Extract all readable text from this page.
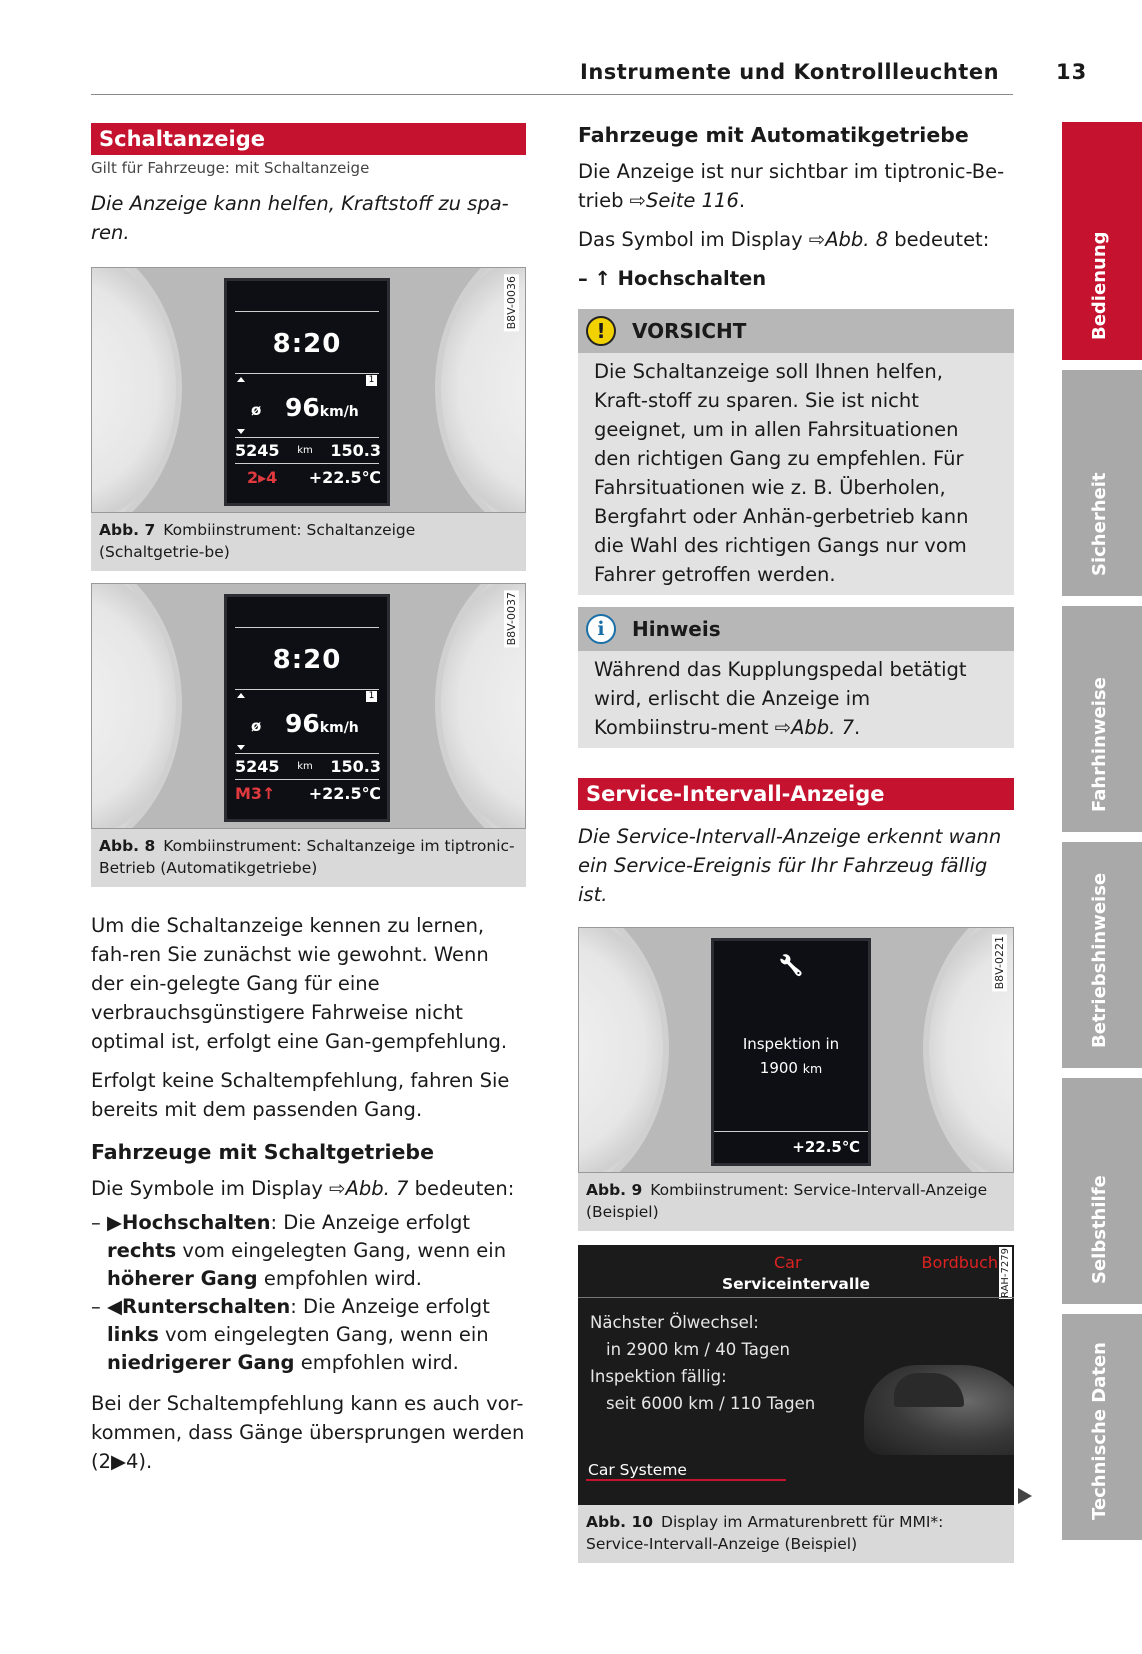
Instrumente und Kontrollleuchten	13
Schaltanzeige
Gilt für Fahrzeuge: mit Schaltanzeige
Die Anzeige kann helfen, Kraftstoff zu spa-ren.
B8V-0036
8:20
1
ø 96km/h
5245 km 150.3
2▸4 +22.5℃
Abb. 7 Kombiinstrument: Schaltanzeige (Schaltgetrie-be)
B8V-0037
8:20
1
ø 96km/h
5245 km 150.3
M3↑ +22.5℃
Abb. 8 Kombiinstrument: Schaltanzeige im tiptronic-Betrieb (Automatikgetriebe)
Um die Schaltanzeige kennen zu lernen, fah-ren Sie zunächst wie gewohnt. Wenn der ein-gelegte Gang für eine verbrauchsgünstigere Fahrweise nicht optimal ist, erfolgt eine Gan-gempfehlung.
Erfolgt keine Schaltempfehlung, fahren Sie bereits mit dem passenden Gang.
Fahrzeuge mit Schaltgetriebe
Die Symbole im Display ⇨Abb. 7 bedeuten:
– ▶Hochschalten: Die Anzeige erfolgt rechts vom eingelegten Gang, wenn ein höherer Gang empfohlen wird.
– ◀Runterschalten: Die Anzeige erfolgt links vom eingelegten Gang, wenn ein niedrigerer Gang empfohlen wird.
Bei der Schaltempfehlung kann es auch vor-kommen, dass Gänge übersprungen werden (2▶4).
Fahrzeuge mit Automatikgetriebe
Die Anzeige ist nur sichtbar im tiptronic-Be-trieb ⇨Seite 116.
Das Symbol im Display ⇨Abb. 8 bedeutet:
– ↑ Hochschalten
!	VORSICHT
Die Schaltanzeige soll Ihnen helfen, Kraft-stoff zu sparen. Sie ist nicht geeignet, um in allen Fahrsituationen den richtigen Gang zu empfehlen. Für Fahrsituationen wie z. B. Überholen, Bergfahrt oder Anhän-gerbetrieb kann die Wahl des richtigen Gangs nur vom Fahrer getroffen werden.
i	Hinweis
Während das Kupplungspedal betätigt wird, erlischt die Anzeige im Kombiinstru-ment ⇨Abb. 7.
Service-Intervall-Anzeige
Die Service-Intervall-Anzeige erkennt wann ein Service-Ereignis für Ihr Fahrzeug fällig ist.
B8V-0221
🔧
Inspektion in
1900 km
+22.5℃
Abb. 9 Kombiinstrument: Service-Intervall-Anzeige (Beispiel)
Car	Bordbuch RAH-7279
Serviceintervalle
Nächster Ölwechsel:
in 2900 km / 40 Tagen
Inspektion fällig:
seit 6000 km / 110 Tagen
Car Systeme
Abb. 10 Display im Armaturenbrett für MMI*: Service-Intervall-Anzeige (Beispiel)
Bedienung
Sicherheit
Fahrhinweise
Betriebshinweise
Selbsthilfe
Technische Daten
